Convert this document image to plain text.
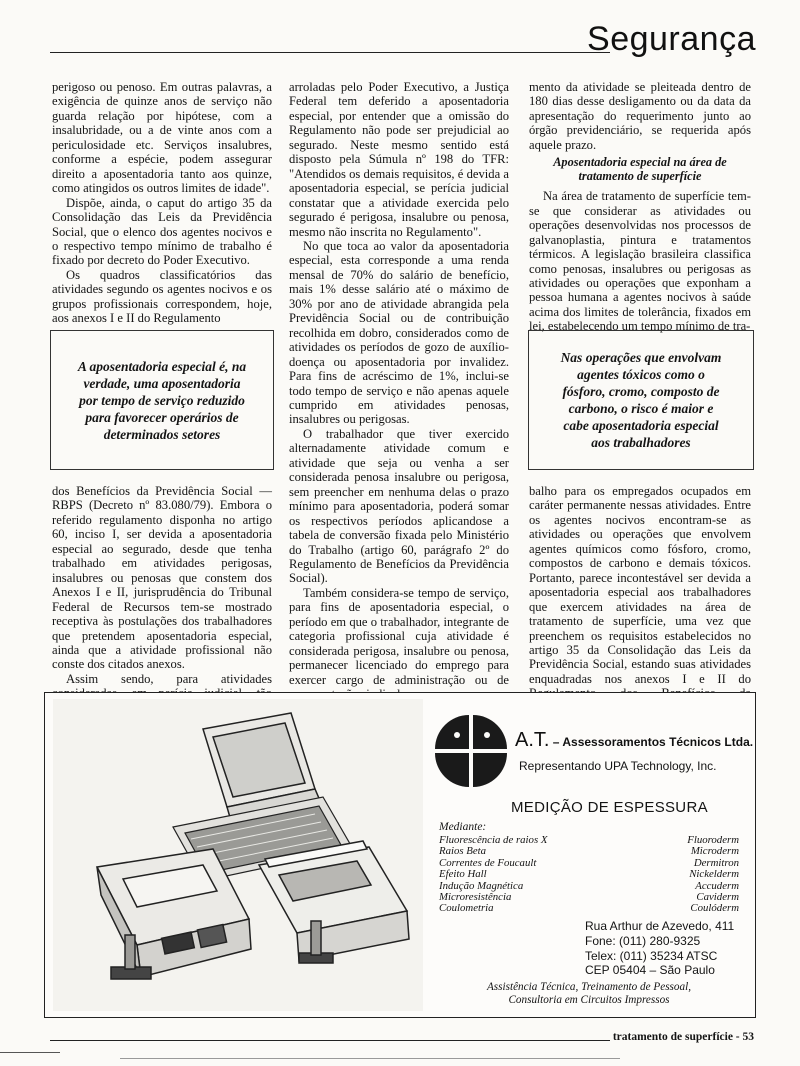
Segurança

perigoso ou penoso. Em outras palavras, a exigência de quinze anos de serviço não guarda relação por hipótese, com a insalubridade, ou a de vinte anos com a periculosidade etc. Serviços insalubres, conforme a espécie, podem assegurar direito a aposentadoria tanto aos quinze, como atingidos os outros limites de idade".

Dispõe, ainda, o caput do artigo 35 da Consolidação das Leis da Previdência Social, que o elenco dos agentes nocivos e o respectivo tempo mínimo de trabalho é fixado por decreto do Poder Executivo.

Os quadros classificatórios das atividades segundo os agentes nocivos e os grupos profissionais correspondem, hoje, aos anexos I e II do Regulamento

A aposentadoria especial é, na verdade, uma aposentadoria por tempo de serviço reduzido para favorecer operários de determinados setores

dos Benefícios da Previdência Social — RBPS (Decreto nº 83.080/79). Embora o referido regulamento disponha no artigo 60, inciso I, ser devida a aposentadoria especial ao segurado, desde que tenha trabalhado em atividades perigosas, insalubres ou penosas que constem dos Anexos I e II, jurisprudência do Tribunal Federal de Recursos tem-se mostrado receptiva às postulações dos trabalhadores que pretendem aposentadoria especial, ainda que a atividade profissional não conste dos citados anexos.

Assim sendo, para atividades

arroladas pelo Poder Executivo, a Justiça Federal tem deferido a aposentadoria especial, por entender que a omissão do Regulamento não pode ser prejudicial ao segurado. Neste mesmo sentido está disposto pela Súmula nº 198 do TFR: "Atendidos os demais requisitos, é devida a aposentadoria especial, se perícia judicial constatar que a atividade exercida pelo segurado é perigosa, insalubre ou penosa, mesmo não inscrita no Regulamento".

No que toca ao valor da aposentadoria especial, esta corresponde a uma renda mensal de 70% do salário de benefício, mais 1% desse salário até o máximo de 30% por ano de atividade abrangida pela Previdência Social ou de contribuição recolhida em dobro, considerados como de atividades os períodos de gozo de auxílio-doença ou aposentadoria por invalidez. Para fins de acréscimo de 1%, inclui-se todo tempo de serviço e não apenas aquele cumprido em atividades penosas, insalubres ou perigosas.

O trabalhador que tiver exercido alternadamente atividade comum e atividade que seja ou venha a ser considerada penosa insalubre ou perigosa, sem preencher em nenhuma delas o prazo mínimo para aposentadoria, poderá somar os respectivos períodos aplicandose a tabela de conversão fixada pelo Ministério do Trabalho (artigo 60, parágrafo 2º do Regulamento de Benefícios da Previdência Social).

Também considera-se tempo de serviço, para fins de aposentadoria especial, o período em que o trabalhador, integrante de categoria profissional cuja atividade é considerada perigosa, insalubre ou penosa, permanecer licenciado do emprego para exercer cargo de administração ou de

mento da atividade se pleiteada dentro de 180 dias desse desligamento ou da data da apresentação do requerimento junto ao órgão previdenciário, se requerida após aquele prazo.

Aposentadoria especial na área de tratamento de superfície

Na área de tratamento de superfície tem-se que considerar as atividades ou operações desenvolvidas nos processos de galvanoplastia, pintura e tratamentos térmicos. A legislação brasileira classifica como penosas, insalubres ou perigosas as atividades ou operações que exponham a pessoa humana a agentes nocivos à saúde acima dos limites de tolerância, fixados em lei, estabelecendo um tempo mínimo de tra-

Nas operações que envolvam agentes tóxicos como o fósforo, cromo, composto de carbono, o risco é maior e cabe aposentadoria especial aos trabalhadores

balho para os empregados ocupados em caráter permanente nessas atividades. Entre os agentes nocivos encontram-se as atividades ou operações que envolvem agentes químicos como fósforo, cromo, compostos de carbono e demais tóxicos. Portanto, parece incontestável ser devida a aposentadoria especial aos trabalhadores que exercem atividades na área de tratamento de superfície, uma vez que preenchem os requisitos estabelecidos no artigo 35 da Consolidação das Leis da Previdência Social, estando suas atividades enquadradas nos anexos I e II do

A.T. – Assessoramentos Técnicos Ltda.
Representando UPA Technology, Inc.
MEDIÇÃO DE ESPESSURA
Mediante:
Fluorescência de raios X
Raios Beta
Correntes de Foucault
Efeito Hall
Indução Magnética
Microresistência
Coulometria
Fluoroderm
Microderm
Dermitron
Nickelderm
Accuderm
Caviderm
Coulóderm
Rua Arthur de Azevedo, 411
Fone: (011) 280-9325
Telex: (011) 35234 ATSC
CEP 05404 – São Paulo
Assistência Técnica, Treinamento de Pessoal,
Consultoria em Circuitos Impressos
tratamento de superfície - 53
